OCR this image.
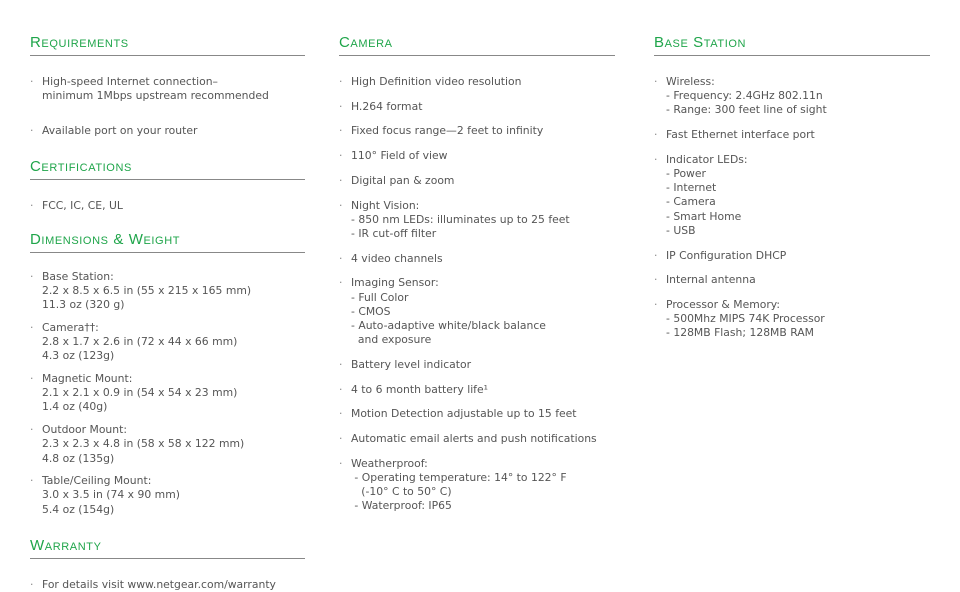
Requirements
· High-speed Internet connection–
minimum 1Mbps upstream recommended
· Available port on your router
Certifications
· FCC, IC, CE, UL
Dimensions & Weight
· Base Station:
2.2 x 8.5 x 6.5 in (55 x 215 x 165 mm)
11.3 oz (320 g)
· Camera††:
2.8 x 1.7 x 2.6 in (72 x 44 x 66 mm)
4.3 oz (123g)
· Magnetic Mount:
2.1 x 2.1 x 0.9 in (54 x 54 x 23 mm)
1.4 oz (40g)
· Outdoor Mount:
2.3 x 2.3 x 4.8 in (58 x 58 x 122 mm)
4.8 oz (135g)
· Table/Ceiling Mount:
3.0 x 3.5 in (74 x 90 mm)
5.4 oz (154g)
Warranty
· For details visit www.netgear.com/warranty
Camera
· High Definition video resolution
· H.264 format
· Fixed focus range—2 feet to infinity
· 110° Field of view
· Digital pan & zoom
· Night Vision:
- 850 nm LEDs: illuminates up to 25 feet
- IR cut-off filter
· 4 video channels
· Imaging Sensor:
- Full Color
- CMOS
- Auto-adaptive white/black balance
and exposure
· Battery level indicator
· 4 to 6 month battery life¹
· Motion Detection adjustable up to 15 feet
· Automatic email alerts and push notifications
· Weatherproof:
- Operating temperature: 14° to 122° F
(-10° C to 50° C)
- Waterproof: IP65
Base Station
· Wireless:
- Frequency: 2.4GHz 802.11n
- Range: 300 feet line of sight
· Fast Ethernet interface port
· Indicator LEDs:
- Power
- Internet
- Camera
- Smart Home
- USB
· IP Configuration DHCP
· Internal antenna
· Processor & Memory:
- 500Mhz MIPS 74K Processor
- 128MB Flash; 128MB RAM
